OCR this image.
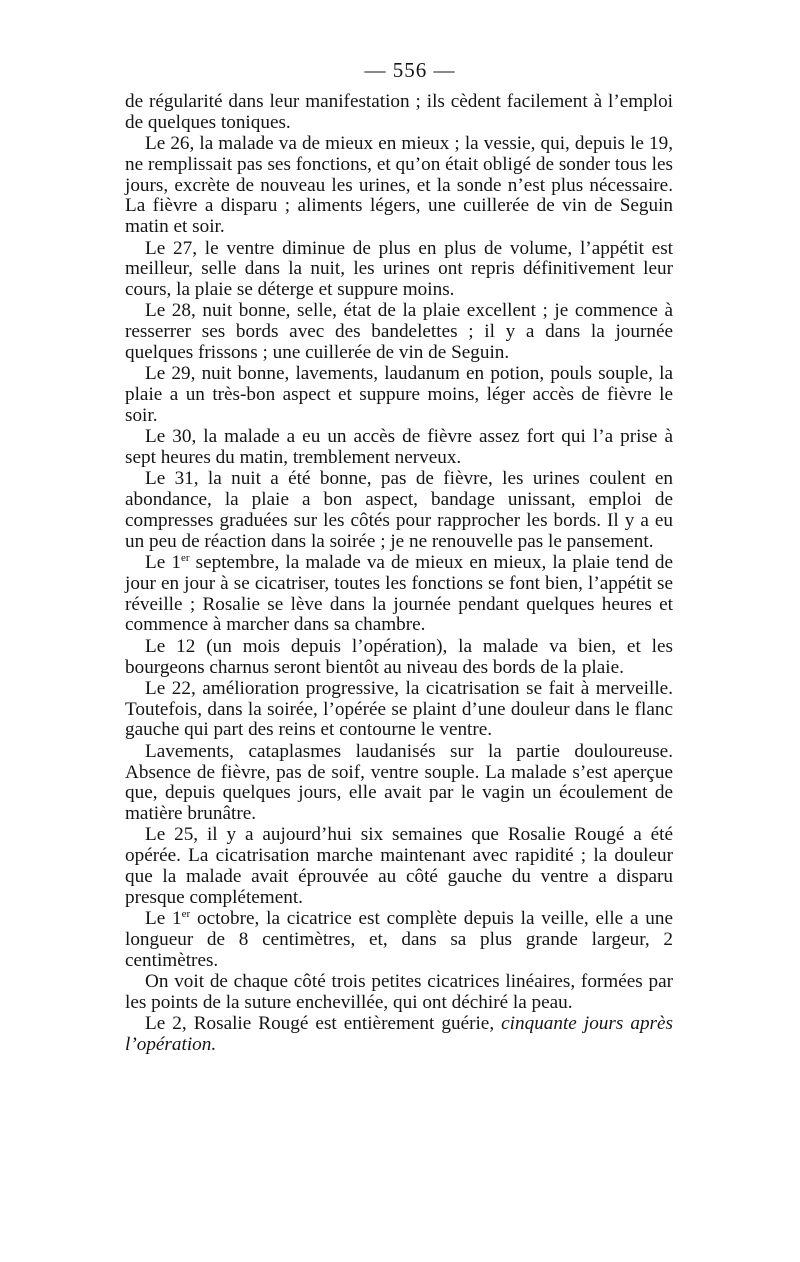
— 556 —

de régularité dans leur manifestation ; ils cèdent facilement à l’emploi de quelques toniques.

Le 26, la malade va de mieux en mieux ; la vessie, qui, depuis le 19, ne remplissait pas ses fonctions, et qu’on était obligé de sonder tous les jours, excrète de nouveau les urines, et la sonde n’est plus nécessaire. La fièvre a disparu ; aliments légers, une cuillerée de vin de Seguin matin et soir.

Le 27, le ventre diminue de plus en plus de volume, l’appétit est meilleur, selle dans la nuit, les urines ont repris définitivement leur cours, la plaie se déterge et suppure moins.

Le 28, nuit bonne, selle, état de la plaie excellent ; je commence à resserrer ses bords avec des bandelettes ; il y a dans la journée quelques frissons ; une cuillerée de vin de Seguin.

Le 29, nuit bonne, lavements, laudanum en potion, pouls souple, la plaie a un très-bon aspect et suppure moins, léger accès de fièvre le soir.

Le 30, la malade a eu un accès de fièvre assez fort qui l’a prise à sept heures du matin, tremblement nerveux.

Le 31, la nuit a été bonne, pas de fièvre, les urines coulent en abondance, la plaie a bon aspect, bandage unissant, emploi de compresses graduées sur les côtés pour rapprocher les bords. Il y a eu un peu de réaction dans la soirée ; je ne renouvelle pas le pansement.

Le 1er septembre, la malade va de mieux en mieux, la plaie tend de jour en jour à se cicatriser, toutes les fonctions se font bien, l’appétit se réveille ; Rosalie se lève dans la journée pendant quelques heures et commence à marcher dans sa chambre.

Le 12 (un mois depuis l’opération), la malade va bien, et les bourgeons charnus seront bientôt au niveau des bords de la plaie.

Le 22, amélioration progressive, la cicatrisation se fait à merveille. Toutefois, dans la soirée, l’opérée se plaint d’une douleur dans le flanc gauche qui part des reins et contourne le ventre.

Lavements, cataplasmes laudanisés sur la partie douloureuse. Absence de fièvre, pas de soif, ventre souple. La malade s’est aperçue que, depuis quelques jours, elle avait par le vagin un écoulement de matière brunâtre.

Le 25, il y a aujourd’hui six semaines que Rosalie Rougé a été opérée. La cicatrisation marche maintenant avec rapidité ; la douleur que la malade avait éprouvée au côté gauche du ventre a disparu presque complétement.

Le 1er octobre, la cicatrice est complète depuis la veille, elle a une longueur de 8 centimètres, et, dans sa plus grande largeur, 2 centimètres.

On voit de chaque côté trois petites cicatrices linéaires, formées par les points de la suture enchevillée, qui ont déchiré la peau.

Le 2, Rosalie Rougé est entièrement guérie, cinquante jours après l’opération.
